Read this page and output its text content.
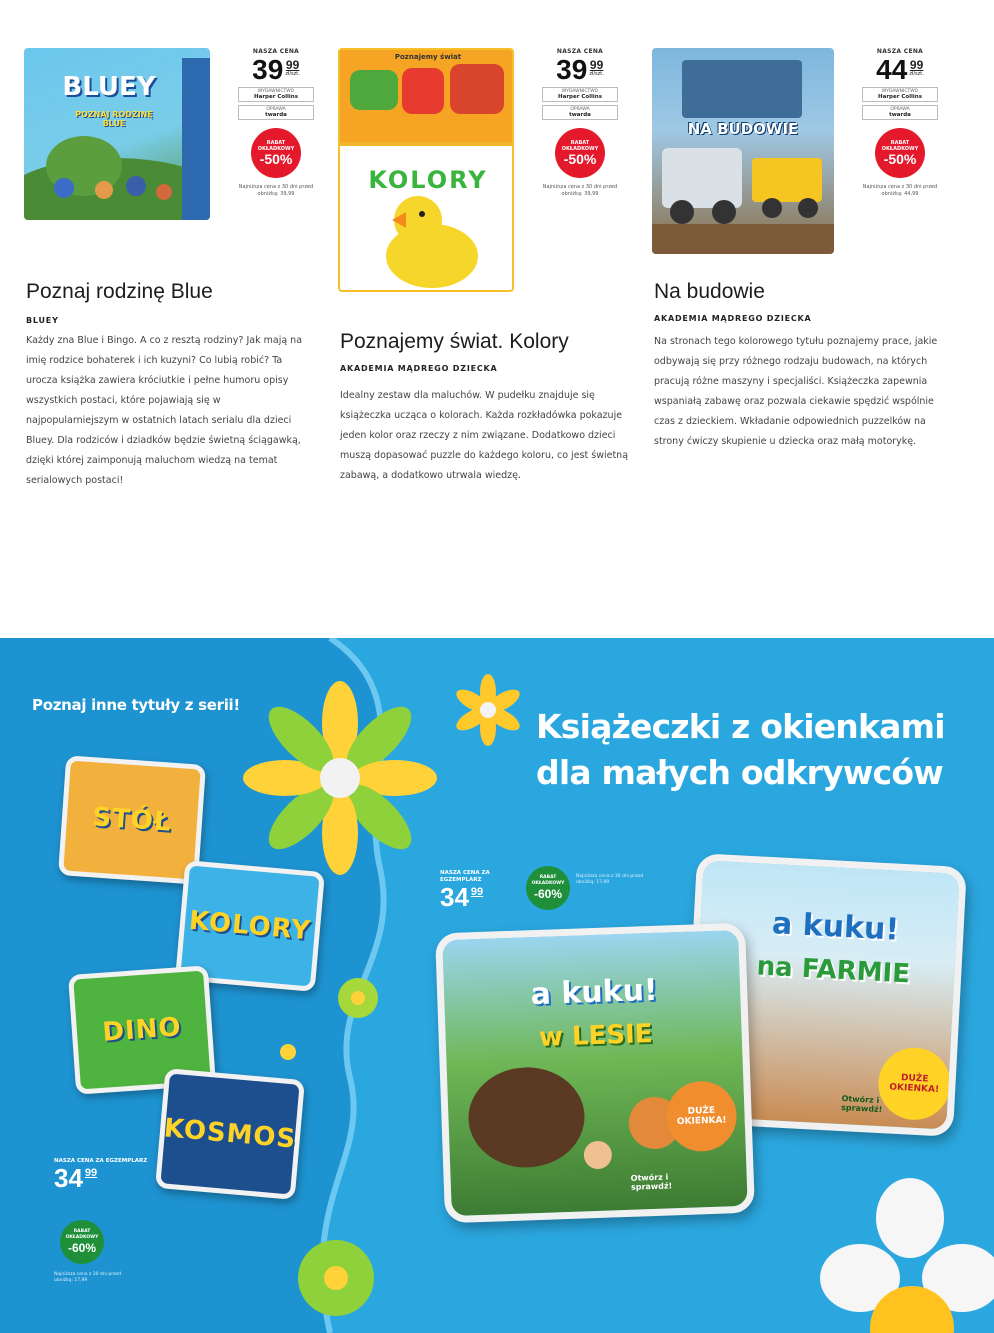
BLUEY
POZNAJ RODZINĘ BLUE
NASZA CENA
39 99
zł/szt.
WYDAWNICTWO
Harper Collins
OPRAWA
twarda
RABAT OKŁADKOWY
-50%
Najniższa cena z 30 dni przed obniżką: 39,99
Poznaj rodzinę Blue
BLUEY
Każdy zna Blue i Bingo. A co z resztą rodziny? Jak mają na imię rodzice bohaterek i ich kuzyni? Co lubią robić? Ta urocza książka zawiera króciutkie i pełne humoru opisy wszystkich postaci, które pojawiają się w najpopularniejszym w ostatnich latach serialu dla dzieci Bluey. Dla rodziców i dziadków będzie świetną ściągawką, dzięki której zaimponują maluchom wiedzą na temat serialowych postaci!
Poznajemy świat
KOLORY
NASZA CENA
39 99
zł/szt.
WYDAWNICTWO
Harper Collins
OPRAWA
twarda
RABAT OKŁADKOWY
-50%
Najniższa cena z 30 dni przed obniżką: 39,99
Poznajemy świat. Kolory
AKADEMIA MĄDREGO DZIECKA
Idealny zestaw dla maluchów. W pudełku znajduje się książeczka ucząca o kolorach. Każda rozkładówka pokazuje jeden kolor oraz rzeczy z nim związane. Dodatkowo dzieci muszą dopasować puzzle do każdego koloru, co jest świetną zabawą, a dodatkowo utrwala wiedzę.
NA BUDOWIE
NASZA CENA
44 99
zł/szt.
WYDAWNICTWO
Harper Collins
OPRAWA
twarda
RABAT OKŁADKOWY
-50%
Najniższa cena z 30 dni przed obniżką: 44,99
Na budowie
AKADEMIA MĄDREGO DZIECKA
Na stronach tego kolorowego tytułu poznajemy prace, jakie odbywają się przy różnego rodzaju budowach, na których pracują różne maszyny i specjaliści. Książeczka zapewnia wspaniałą zabawę oraz pozwala ciekawie spędzić wspólnie czas z dzieckiem. Wkładanie odpowiednich puzzelków na strony ćwiczy skupienie u dziecka oraz małą motorykę.
Poznaj inne tytuły z serii!
Książeczki z okienkami
dla małych odkrywców
STÓŁ
KOLORY
DINO
KOSMOS
NASZA CENA ZA EGZEMPLARZ
34 99
RABAT OKŁADKOWY
-60%
Najniższa cena z 30 dni przed obniżką: 17,99
NASZA CENA ZA EGZEMPLARZ
34 99
RABAT OKŁADKOWY
-60%
Najniższa cena z 30 dni przed obniżką: 17,99
a kuku!
na FARMIE
DUŻE OKIENKA!
Otwórz i sprawdź!
a kuku!
w LESIE
DUŻE OKIENKA!
Otwórz i sprawdź!
